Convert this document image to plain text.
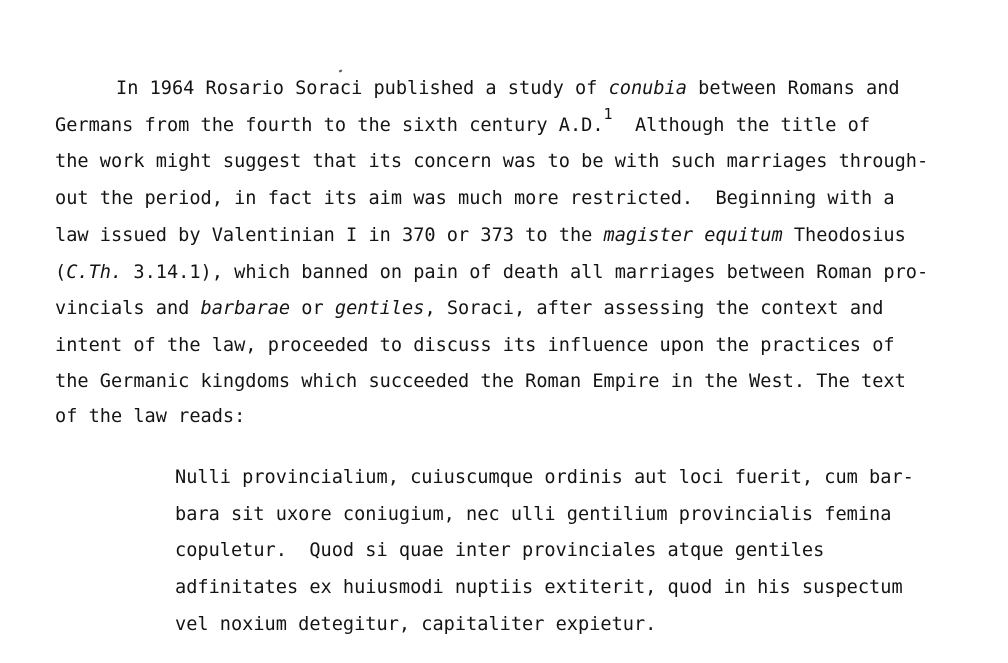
In 1964 Rosario Soraci published a study of conubia between Romans and
Germans from the fourth to the sixth century A.D.$^1$  Although the title of
the work might suggest that its concern was to be with such marriages through-
out the period, in fact its aim was much more restricted.  Beginning with a
law issued by Valentinian I in 370 or 373 to the magister equitum Theodosius
(C.Th. 3.14.1), which banned on pain of death all marriages between Roman pro-
vincials and barbarae or gentiles, Soraci, after assessing the context and
intent of the law, proceeded to discuss its influence upon the practices of
the Germanic kingdoms which succeeded the Roman Empire in the West. The text
of the law reads:
Nulli provincialium, cuiuscumque ordinis aut loci fuerit, cum bar-
bara sit uxore coniugium, nec ulli gentilium provincialis femina
copuletur.  Quod si quae inter provinciales atque gentiles
adfinitates ex huiusmodi nuptiis extiterit, quod in his suspectum
vel noxium detegitur, capitaliter expietur.
